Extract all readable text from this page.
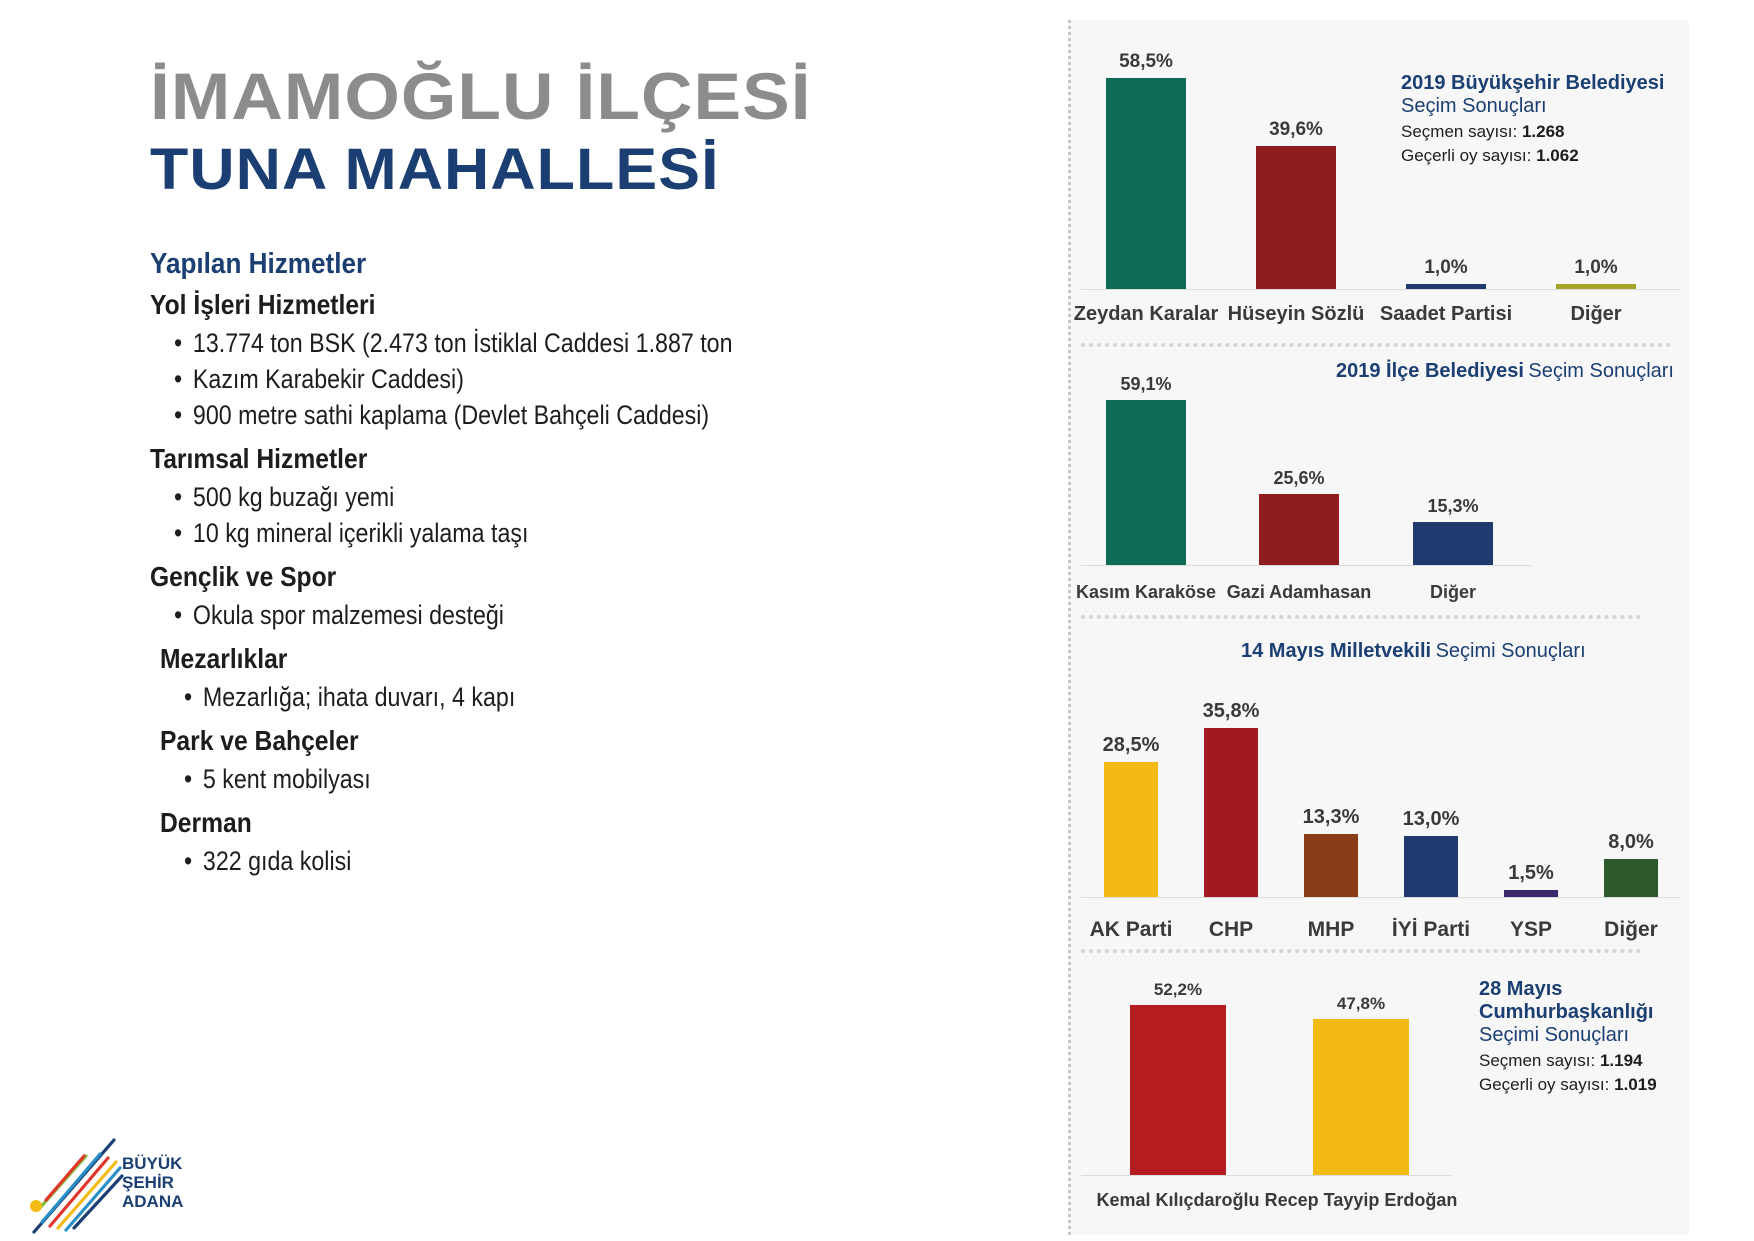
İMAMOĞLU İLÇESİ
TUNA MAHALLESİ
Yapılan Hizmetler
Yol İşleri Hizmetleri
• 13.774 ton BSK (2.473 ton İstiklal Caddesi 1.887 ton
• Kazım Karabekir Caddesi)
• 900 metre sathi kaplama (Devlet Bahçeli Caddesi)
Tarımsal Hizmetler
• 500 kg buzağı yemi
• 10 kg mineral içerikli yalama taşı
Gençlik ve Spor
• Okula spor malzemesi desteği
Mezarlıklar
• Mezarlığa; ihata duvarı, 4 kapı
Park ve Bahçeler
• 5 kent mobilyası
Derman
• 322 gıda kolisi
BÜYÜK
ŞEHİR
ADANA
58,5%
Zeydan Karalar
39,6%
Hüseyin Sözlü
1,0%
Saadet Partisi
1,0%
Diğer
2019 Büyükşehir Belediyesi
Seçim Sonuçları
Seçmen sayısı: 1.268
Geçerli oy sayısı: 1.062
59,1%
Kasım Karaköse
25,6%
Gazi Adamhasan
15,3%
Diğer
2019 İlçe Belediyesi Seçim Sonuçları
28,5%
AK Parti
35,8%
CHP
13,3%
MHP
13,0%
İYİ Parti
1,5%
YSP
8,0%
Diğer
14 Mayıs Milletvekili Seçimi Sonuçları
52,2%
Kemal Kılıçdaroğlu
47,8%
Recep Tayyip Erdoğan
28 Mayıs
Cumhurbaşkanlığı
Seçimi Sonuçları
Seçmen sayısı: 1.194
Geçerli oy sayısı: 1.019
